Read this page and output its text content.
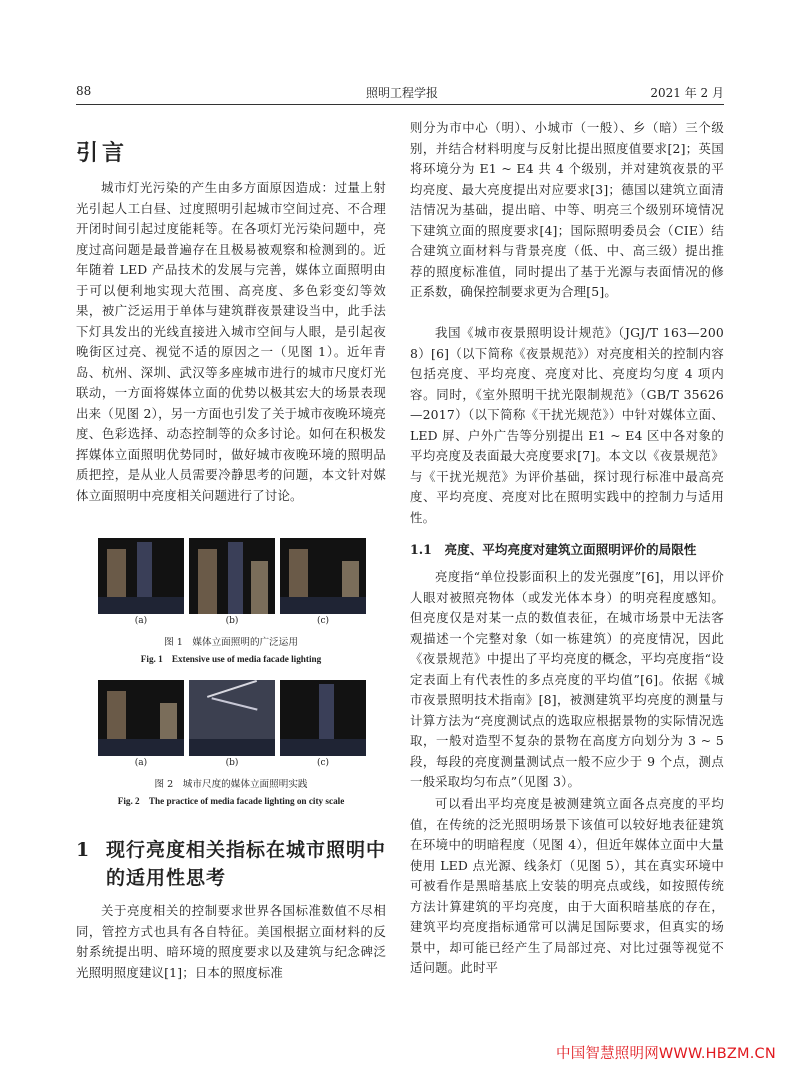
88	照明工程学报	2021 年 2 月
引言
城市灯光污染的产生由多方面原因造成：过量上射光引起人工白昼、过度照明引起城市空间过亮、不合理开闭时间引起过度能耗等。在各项灯光污染问题中，亮度过高问题是最普遍存在且极易被观察和检测到的。近年随着 LED 产品技术的发展与完善，媒体立面照明由于可以便利地实现大范围、高亮度、多色彩变幻等效果，被广泛运用于单体与建筑群夜景建设当中，此手法下灯具发出的光线直接进入城市空间与人眼，是引起夜晚街区过亮、视觉不适的原因之一（见图 1）。近年青岛、杭州、深圳、武汉等多座城市进行的城市尺度灯光联动，一方面将媒体立面的优势以极其宏大的场景表现出来（见图 2），另一方面也引发了关于城市夜晚环境亮度、色彩选择、动态控制等的众多讨论。如何在积极发挥媒体立面照明优势同时，做好城市夜晚环境的照明品质把控，是从业人员需要冷静思考的问题，本文针对媒体立面照明中亮度相关问题进行了讨论。
(a)	(b)	(c)
图 1　媒体立面照明的广泛运用
Fig. 1　Extensive use of media facade lighting
(a)	(b)	(c)
图 2　城市尺度的媒体立面照明实践
Fig. 2　The practice of media facade lighting on city scale
1 现行亮度相关指标在城市照明中的适用性思考
关于亮度相关的控制要求世界各国标准数值不尽相同，管控方式也具有各自特征。美国根据立面材料的反射系统提出明、暗环境的照度要求以及建筑与纪念碑泛光照明照度建议[1]；日本的照度标准
则分为市中心（明）、小城市（一般）、乡（暗）三个级别，并结合材料明度与反射比提出照度值要求[2]；英国将环境分为 E1 ~ E4 共 4 个级别，并对建筑夜景的平均亮度、最大亮度提出对应要求[3]；德国以建筑立面清洁情况为基础，提出暗、中等、明亮三个级别环境情况下建筑立面的照度要求[4]；国际照明委员会（CIE）结合建筑立面材料与背景亮度（低、中、高三级）提出推荐的照度标准值，同时提出了基于光源与表面情况的修正系数，确保控制要求更为合理[5]。
我国《城市夜景照明设计规范》（JGJ/T 163—2008）[6]（以下简称《夜景规范》）对亮度相关的控制内容包括亮度、平均亮度、亮度对比、亮度均匀度 4 项内容。同时，《室外照明干扰光限制规范》（GB/T 35626—2017）（以下简称《干扰光规范》）中针对媒体立面、LED 屏、户外广告等分别提出 E1 ~ E4 区中各对象的平均亮度及表面最大亮度要求[7]。本文以《夜景规范》与《干扰光规范》为评价基础，探讨现行标准中最高亮度、平均亮度、亮度对比在照明实践中的控制力与适用性。
1.1　亮度、平均亮度对建筑立面照明评价的局限性
亮度指“单位投影面积上的发光强度”[6]，用以评价人眼对被照亮物体（或发光体本身）的明亮程度感知。但亮度仅是对某一点的数值表征，在城市场景中无法客观描述一个完整对象（如一栋建筑）的亮度情况，因此《夜景规范》中提出了平均亮度的概念，平均亮度指“设定表面上有代表性的多点亮度的平均值”[6]。依据《城市夜景照明技术指南》[8]，被测建筑平均亮度的测量与计算方法为“亮度测试点的选取应根据景物的实际情况选取，一般对造型不复杂的景物在高度方向划分为 3 ~ 5 段，每段的亮度测量测试点一般不应少于 9 个点，测点一般采取均匀布点”（见图 3）。
可以看出平均亮度是被测建筑立面各点亮度的平均值，在传统的泛光照明场景下该值可以较好地表征建筑在环境中的明暗程度（见图 4），但近年媒体立面中大量使用 LED 点光源、线条灯（见图 5），其在真实环境中可被看作是黑暗基底上安装的明亮点或线，如按照传统方法计算建筑的平均亮度，由于大面积暗基底的存在，建筑平均亮度指标通常可以满足国际要求，但真实的场景中，却可能已经产生了局部过亮、对比过强等视觉不适问题。此时平
中国智慧照明网WWW.HBZM.CN
